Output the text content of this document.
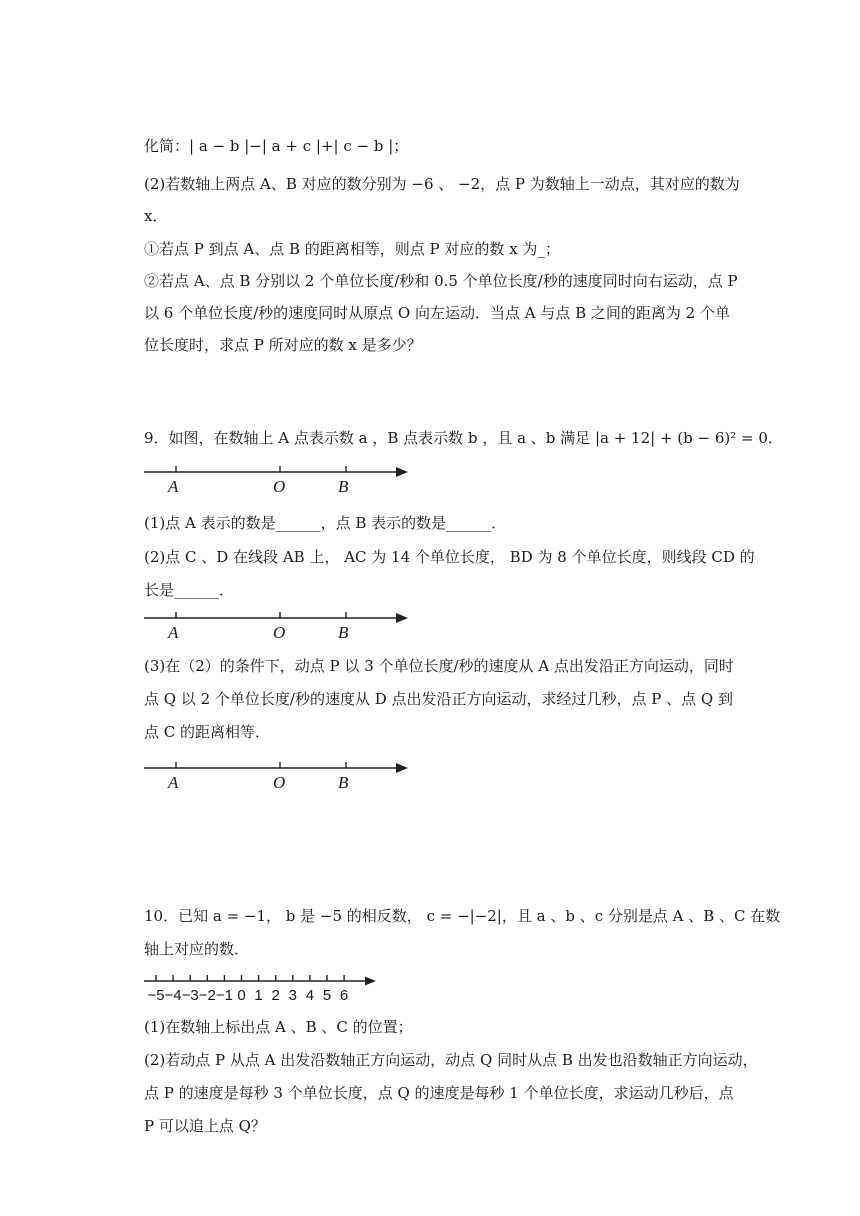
化简：| a − b |−| a + c |+| c − b |；
(2)若数轴上两点 A、B 对应的数分别为 −6 、 −2，点 P 为数轴上一动点，其对应的数为
x．
①若点 P 到点 A、点 B 的距离相等，则点 P 对应的数 x 为_；
②若点 A、点 B 分别以 2 个单位长度/秒和 0.5 个单位长度/秒的速度同时向右运动，点 P
以 6 个单位长度/秒的速度同时从原点 O 向左运动．当点 A 与点 B 之间的距离为 2 个单
位长度时，求点 P 所对应的数 x 是多少？
9．如图，在数轴上 A 点表示数 a ，B 点表示数 b ，且 a 、b 满足 |a + 12| + (b − 6)² = 0．
A	O	B
(1)点 A 表示的数是______，点 B 表示的数是______．
(2)点 C 、D 在线段 AB 上， AC 为 14 个单位长度， BD 为 8 个单位长度，则线段 CD 的
长是______．
A	O	B
(3)在（2）的条件下，动点 P 以 3 个单位长度/秒的速度从 A 点出发沿正方向运动，同时
点 Q 以 2 个单位长度/秒的速度从 D 点出发沿正方向运动，求经过几秒，点 P 、点 Q 到
点 C 的距离相等．
A	O	B
10．已知 a = −1， b 是 −5 的相反数， c = −|−2|，且 a 、b 、c 分别是点 A 、B 、C 在数
轴上对应的数．
−5 −4 −3 −2 −1 0 1 2 3 4 5 6
(1)在数轴上标出点 A 、B 、C 的位置；
(2)若动点 P 从点 A 出发沿数轴正方向运动，动点 Q 同时从点 B 出发也沿数轴正方向运动，
点 P 的速度是每秒 3 个单位长度，点 Q 的速度是每秒 1 个单位长度，求运动几秒后，点
P 可以追上点 Q？
